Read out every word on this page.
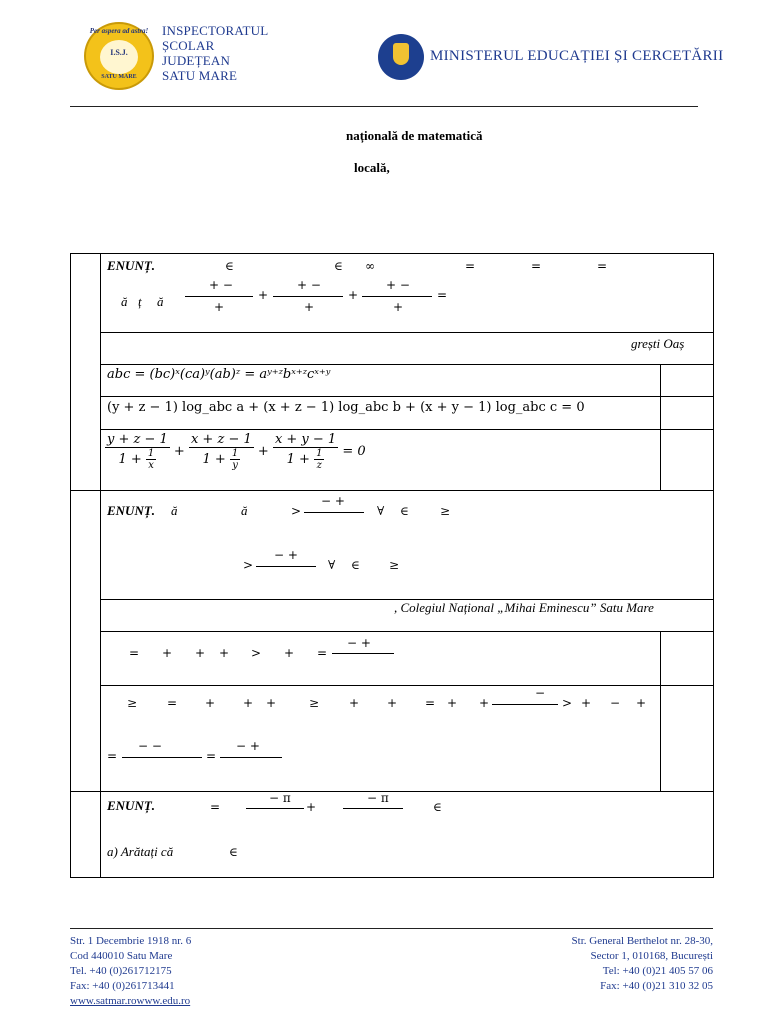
Per aspera ad astra!
I.S.J.
SATU MARE
INSPECTORATUL
ȘCOLAR
JUDEȚEAN
SATU MARE
MINISTERUL EDUCAȚIEI ȘI CERCETĂRII
națională de matematică
locală,
ENUNȚ.	∈	∈ ∞	=	=	=
ă ț ă
+ −
+
+
+ −
+
+
+ −
+
=
grești Oaș
abc = (bc)ˣ(ca)ʸ(ab)ᶻ = aʸ⁺ᶻbˣ⁺ᶻcˣ⁺ʸ
(y + z − 1) log_abc a + (x + z − 1) log_abc b + (x + y − 1) log_abc c = 0
$\frac{y + z - 1}{1 + \frac{1}{x}} + \frac{x + z - 1}{1 + \frac{1}{y}} + \frac{x + y - 1}{1 + \frac{1}{z}} = 0$
ENUNȚ. ă	ă	>
− +
∀ ∈	≥
>
− +
∀ ∈ ≥
, Colegiul Național „Mihai Eminescu” Satu Mare
= + + + > + =
− +
≥ = + + +	≥ + + = + +
−
> + − +
=
− −
=
− +
ENUNȚ.	=
− π
+
− π
∈
a) Arătați că	∈
Str. 1 Decembrie 1918 nr. 6
Cod 440010 Satu Mare
Tel. +40 (0)261712175
Fax: +40 (0)261713441
www.satmar.rowww.edu.ro
Str. General Berthelot nr. 28-30,
Sector 1, 010168, București
Tel: +40 (0)21 405 57 06
Fax: +40 (0)21 310 32 05
